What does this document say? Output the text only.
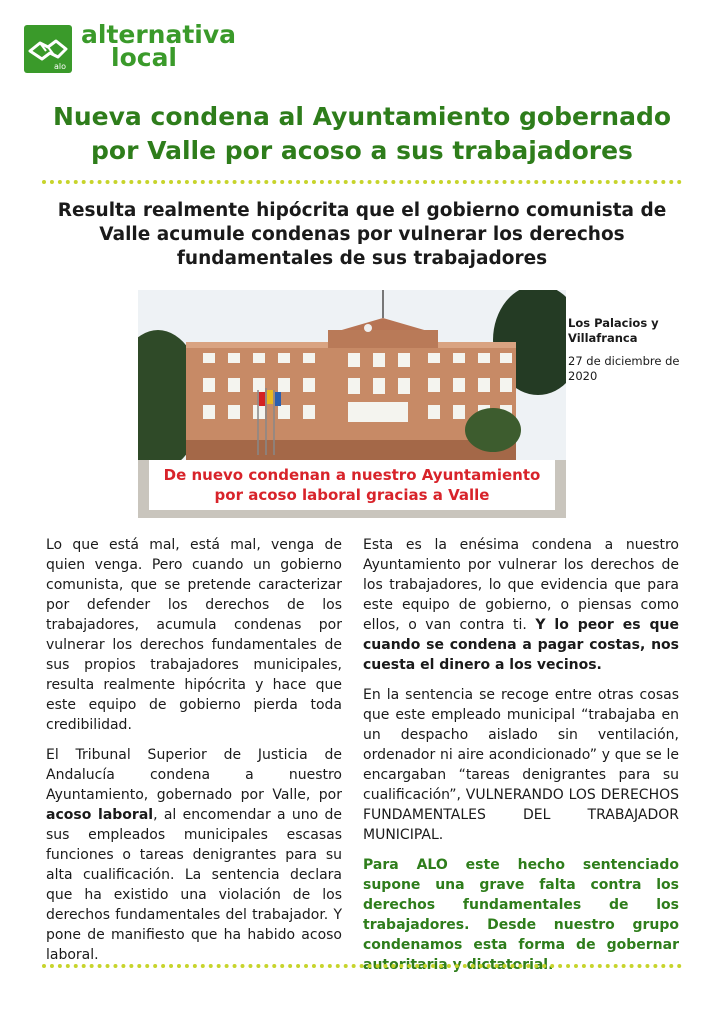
alo
alternativa
local
Nueva condena al Ayuntamiento gobernado
por Valle por acoso a sus trabajadores
Resulta realmente hipócrita que el gobierno comunista de Valle acumule condenas por vulnerar los derechos fundamentales de sus trabajadores
De nuevo condenan a nuestro Ayuntamiento
por acoso laboral gracias a Valle
Los Palacios y Villafranca
27 de diciembre de 2020

Lo que está mal, está mal, venga de quien venga. Pero cuando un gobierno comunista, que se pretende caracterizar por defender los derechos de los trabajadores, acumula condenas por vulnerar los derechos fundamentales de sus propios trabajadores municipales, resulta realmente hipócrita y hace que este equipo de gobierno pierda toda credibilidad.

El Tribunal Superior de Justicia de Andalucía condena a nuestro Ayuntamiento, gobernado por Valle, por acoso laboral, al encomendar a uno de sus empleados municipales escasas funciones o tareas denigrantes para su alta cualificación. La sentencia declara que ha existido una violación de los derechos fundamentales del trabajador. Y pone de manifiesto que ha habido acoso laboral.

Esta es la enésima condena a nuestro Ayuntamiento por vulnerar los derechos de los trabajadores, lo que evidencia que para este equipo de gobierno, o piensas como ellos, o van contra ti. Y lo peor es que cuando se condena a pagar costas, nos cuesta el dinero a los vecinos.

En la sentencia se recoge entre otras cosas que este empleado municipal “trabajaba en un despacho aislado sin ventilación, ordenador ni aire acondicionado” y que se le encargaban “tareas denigrantes para su cualificación”, VULNERANDO LOS DERECHOS FUNDAMENTALES DEL TRABAJADOR MUNICIPAL.

Para ALO este hecho sentenciado supone una grave falta contra los derechos fundamentales de los trabajadores. Desde nuestro grupo condenamos esta forma de gobernar autoritaria y dictatorial.
